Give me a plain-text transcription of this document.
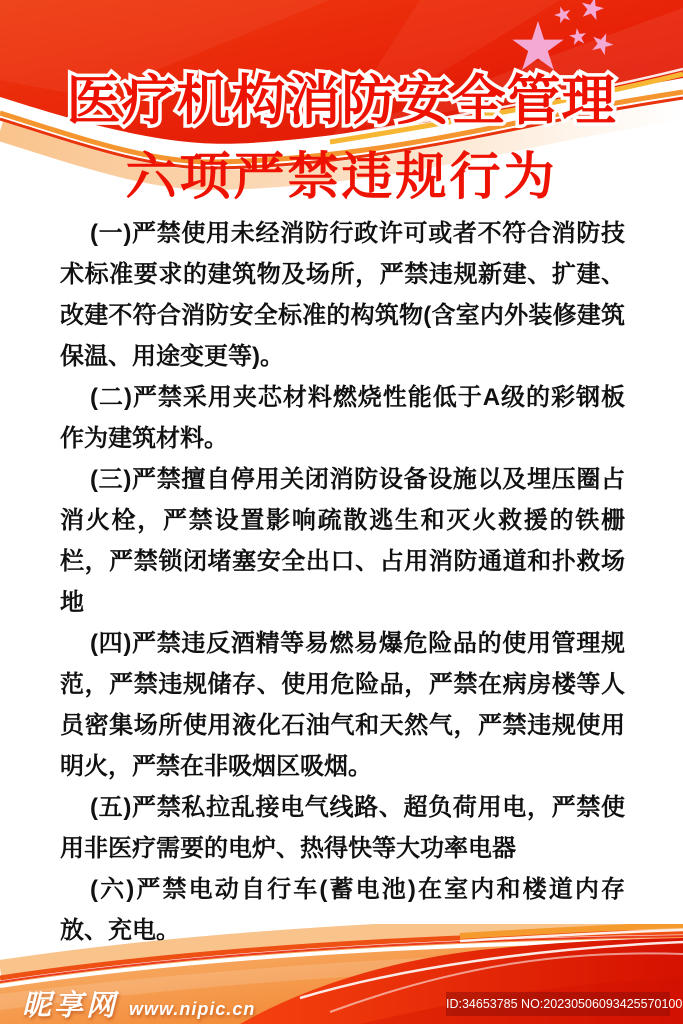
医疗机构消防安全管理
六项严禁违规行为

(一)严禁使用未经消防行政许可或者不符合消防技术标准要求的建筑物及场所，严禁违规新建、扩建、改建不符合消防安全标准的构筑物(含室内外装修建筑保温、用途变更等)。

(二)严禁采用夹芯材料燃烧性能低于A级的彩钢板作为建筑材料。

(三)严禁擅自停用关闭消防设备设施以及埋压圈占消火栓，严禁设置影响疏散逃生和灭火救援的铁栅栏，严禁锁闭堵塞安全出口、占用消防通道和扑救场地

(四)严禁违反酒精等易燃易爆危险品的使用管理规范，严禁违规储存、使用危险品，严禁在病房楼等人员密集场所使用液化石油气和天然气，严禁违规使用明火，严禁在非吸烟区吸烟。

(五)严禁私拉乱接电气线路、超负荷用电，严禁使用非医疗需要的电炉、热得快等大功率电器

(六)严禁电动自行车(蓄电池)在室内和楼道内存放、充电。

昵享网 www.nipic.cn	ID:34653785 NO:20230506093425570100
